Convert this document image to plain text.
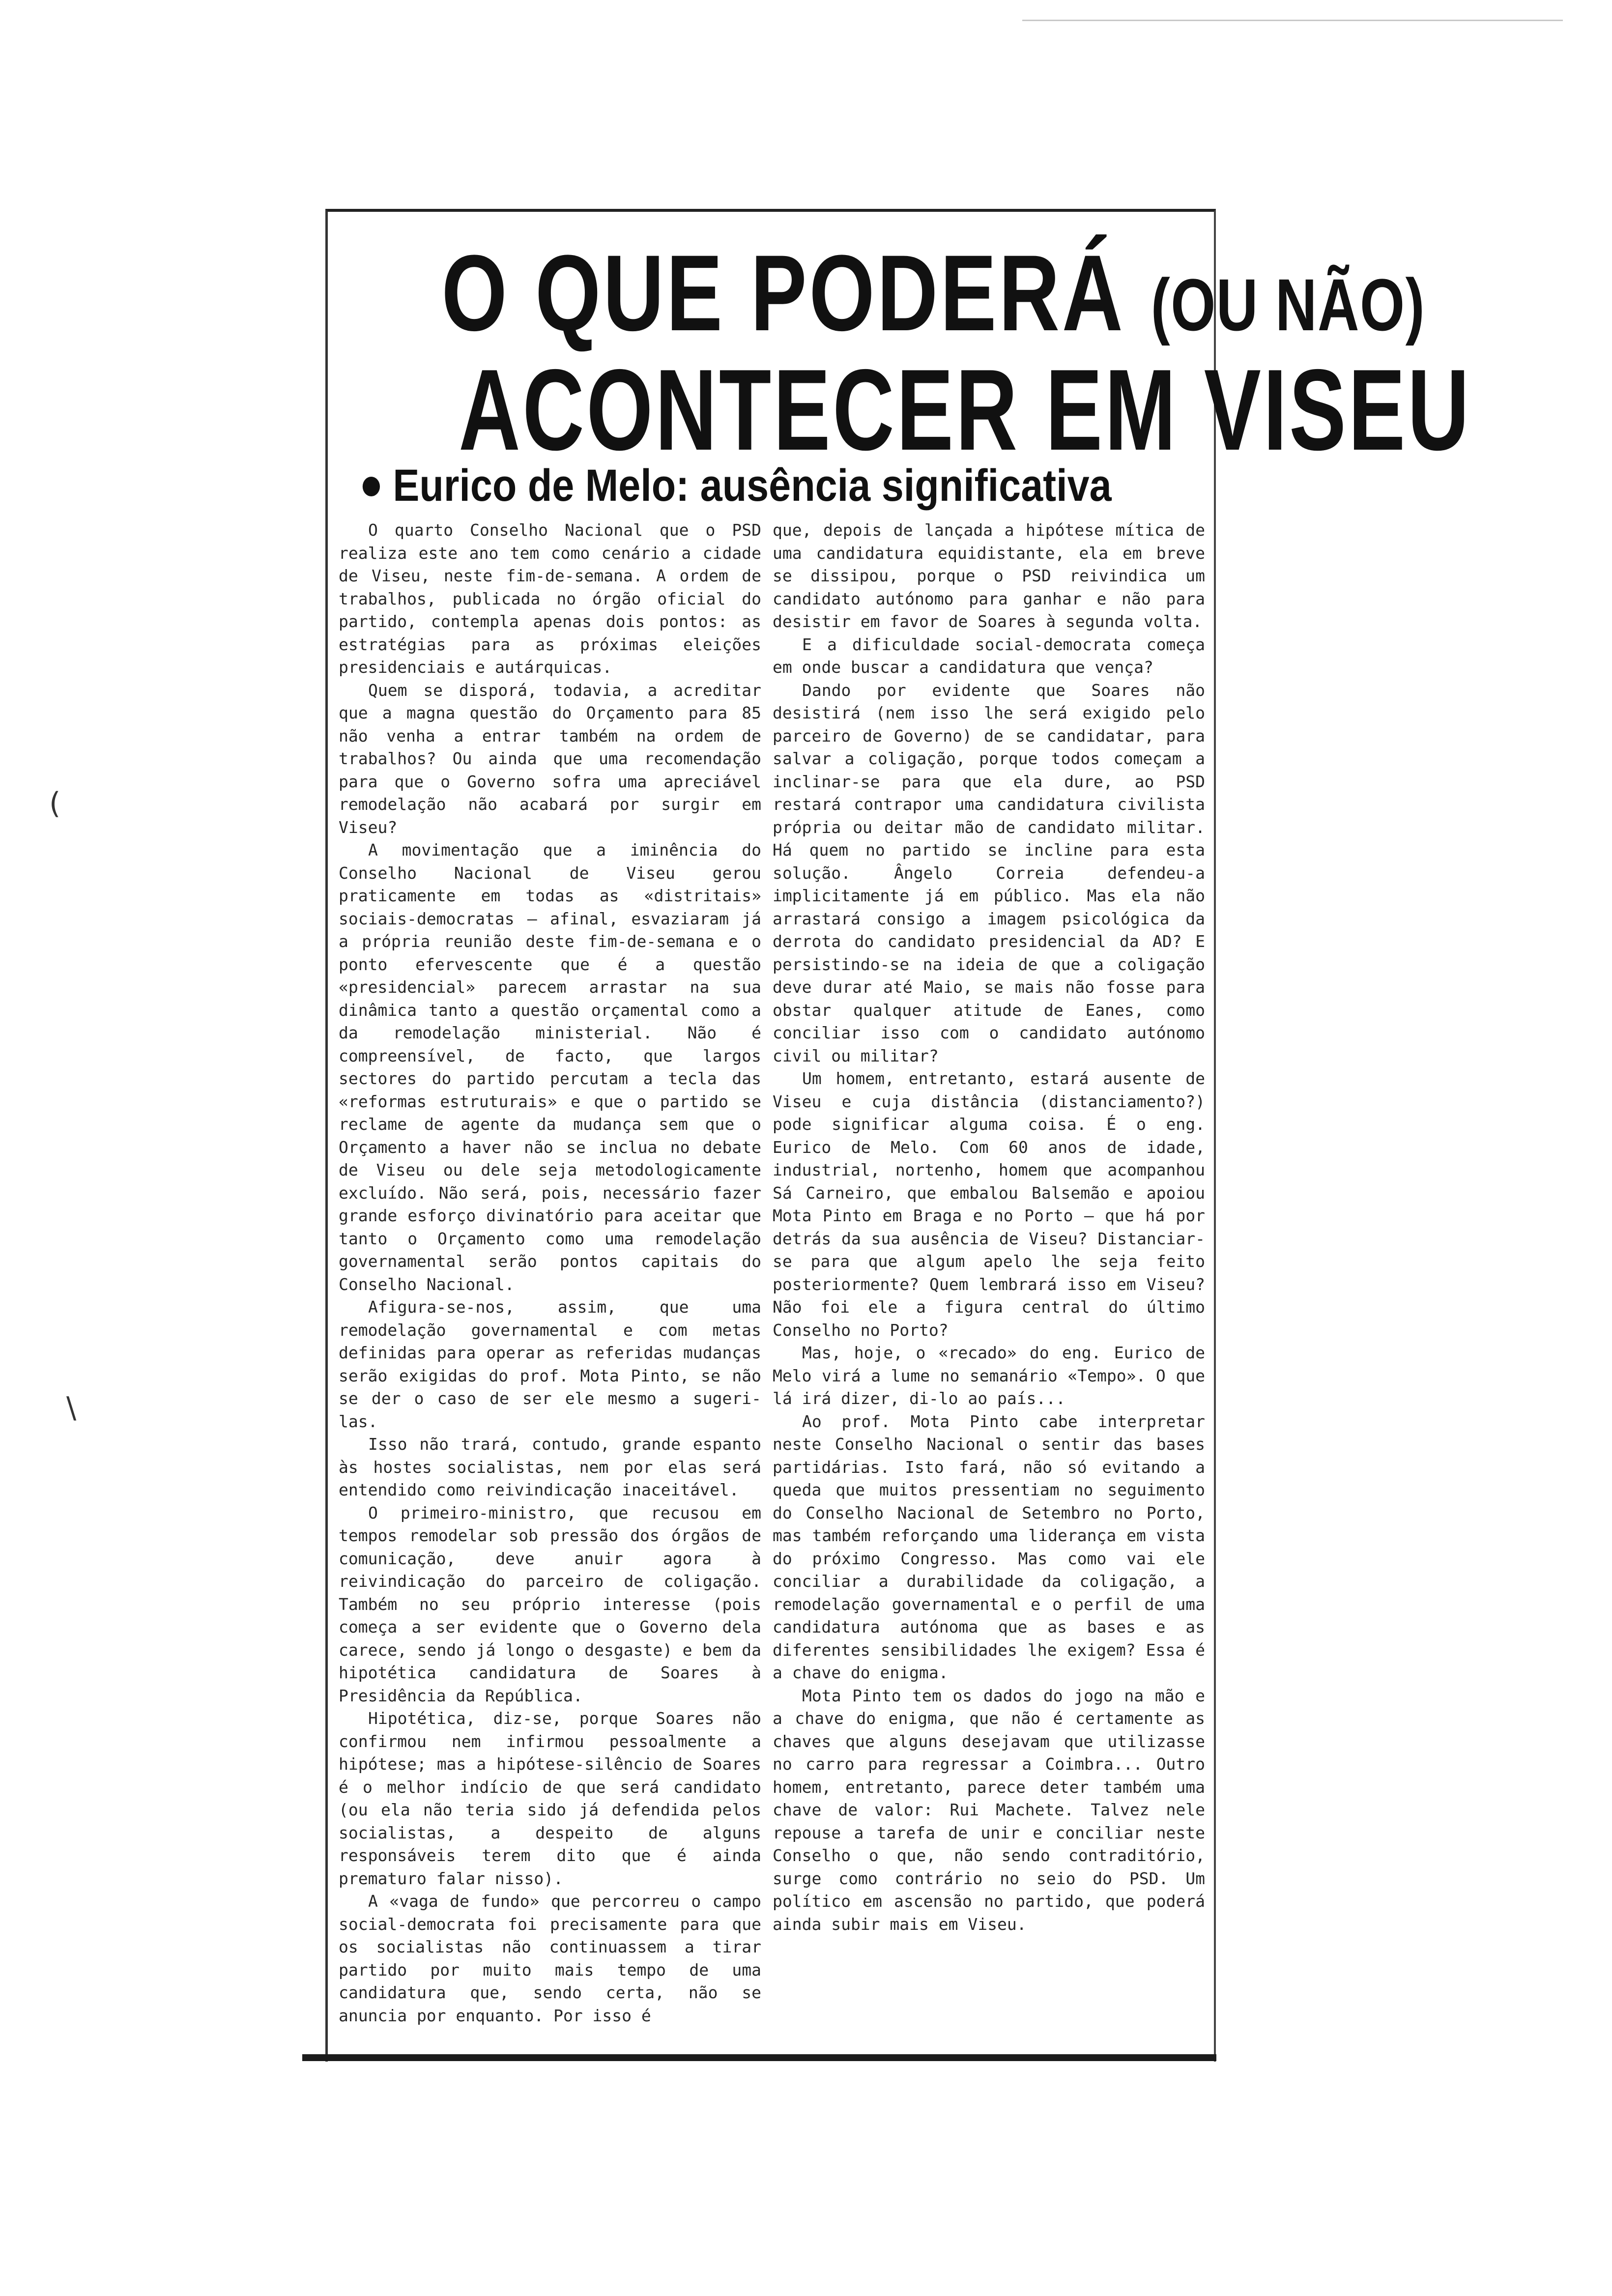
(
\
O QUE PODERÁ (OU NÃO)
ACONTECER EM VISEU
Eurico de Melo: ausência significativa

O quarto Conselho Nacional que o PSD realiza este ano tem como cenário a cidade de Viseu, neste fim-de-semana. A ordem de trabalhos, publicada no órgão oficial do partido, contempla apenas dois pontos: as estratégias para as próximas eleições presidenciais e autárquicas.

Quem se disporá, todavia, a acreditar que a magna questão do Orçamento para 85 não venha a entrar também na ordem de trabalhos? Ou ainda que uma recomendação para que o Governo sofra uma apreciável remodelação não acabará por surgir em Viseu?

A movimentação que a iminência do Conselho Nacional de Viseu gerou praticamente em todas as «distritais» sociais-democratas — afinal, esvaziaram já a própria reunião deste fim-de-semana e o ponto efervescente que é a questão «presidencial» parecem arrastar na sua dinâmica tanto a questão orçamental como a da remodelação ministerial. Não é compreensível, de facto, que largos sectores do partido percutam a tecla das «reformas estruturais» e que o partido se reclame de agente da mudança sem que o Orçamento a haver não se inclua no debate de Viseu ou dele seja metodologicamente excluído. Não será, pois, necessário fazer grande esforço divinatório para aceitar que tanto o Orçamento como uma remodelação governamental serão pontos capitais do Conselho Nacional.

Afigura-se-nos, assim, que uma remodelação governamental e com metas definidas para operar as referidas mudanças serão exigidas do prof. Mota Pinto, se não se der o caso de ser ele mesmo a sugeri-las.

Isso não trará, contudo, grande espanto às hostes socialistas, nem por elas será entendido como reivindicação inaceitável.

O primeiro-ministro, que recusou em tempos remodelar sob pressão dos órgãos de comunicação, deve anuir agora à reivindicação do parceiro de coligação. Também no seu próprio interesse (pois começa a ser evidente que o Governo dela carece, sendo já longo o desgaste) e bem da hipotética candidatura de Soares à Presidência da República.

Hipotética, diz-se, porque Soares não confirmou nem infirmou pessoalmente a hipótese; mas a hipótese-silêncio de Soares é o melhor indício de que será candidato (ou ela não teria sido já defendida pelos socialistas, a despeito de alguns responsáveis terem dito que é ainda prematuro falar nisso).

A «vaga de fundo» que percorreu o campo social-democrata foi precisamente para que os socialistas não continuassem a tirar partido por muito mais tempo de uma candidatura que, sendo certa, não se anuncia por enquanto. Por isso é

que, depois de lançada a hipótese mítica de uma candidatura equidistante, ela em breve se dissipou, porque o PSD reivindica um candidato autónomo para ganhar e não para desistir em favor de Soares à segunda volta.

E a dificuldade social-democrata começa em onde buscar a candidatura que vença?

Dando por evidente que Soares não desistirá (nem isso lhe será exigido pelo parceiro de Governo) de se candidatar, para salvar a coligação, porque todos começam a inclinar-se para que ela dure, ao PSD restará contrapor uma candidatura civilista própria ou deitar mão de candidato militar. Há quem no partido se incline para esta solução. Ângelo Correia defendeu-a implicitamente já em público. Mas ela não arrastará consigo a imagem psicológica da derrota do candidato presidencial da AD? E persistindo-se na ideia de que a coligação deve durar até Maio, se mais não fosse para obstar qualquer atitude de Eanes, como conciliar isso com o candidato autónomo civil ou militar?

Um homem, entretanto, estará ausente de Viseu e cuja distância (distanciamento?) pode significar alguma coisa. É o eng. Eurico de Melo. Com 60 anos de idade, industrial, nortenho, homem que acompanhou Sá Carneiro, que embalou Balsemão e apoiou Mota Pinto em Braga e no Porto — que há por detrás da sua ausência de Viseu? Distanciar-se para que algum apelo lhe seja feito posteriormente? Quem lembrará isso em Viseu? Não foi ele a figura central do último Conselho no Porto?

Mas, hoje, o «recado» do eng. Eurico de Melo virá a lume no semanário «Tempo». O que lá irá dizer, di-lo ao país...

Ao prof. Mota Pinto cabe interpretar neste Conselho Nacional o sentir das bases partidárias. Isto fará, não só evitando a queda que muitos pressentiam no seguimento do Conselho Nacional de Setembro no Porto, mas também reforçando uma liderança em vista do próximo Congresso. Mas como vai ele conciliar a durabilidade da coligação, a remodelação governamental e o perfil de uma candidatura autónoma que as bases e as diferentes sensibilidades lhe exigem? Essa é a chave do enigma.

Mota Pinto tem os dados do jogo na mão e a chave do enigma, que não é certamente as chaves que alguns desejavam que utilizasse no carro para regressar a Coimbra... Outro homem, entretanto, parece deter também uma chave de valor: Rui Machete. Talvez nele repouse a tarefa de unir e conciliar neste Conselho o que, não sendo contraditório, surge como contrário no seio do PSD. Um político em ascensão no partido, que poderá ainda subir mais em Viseu.
